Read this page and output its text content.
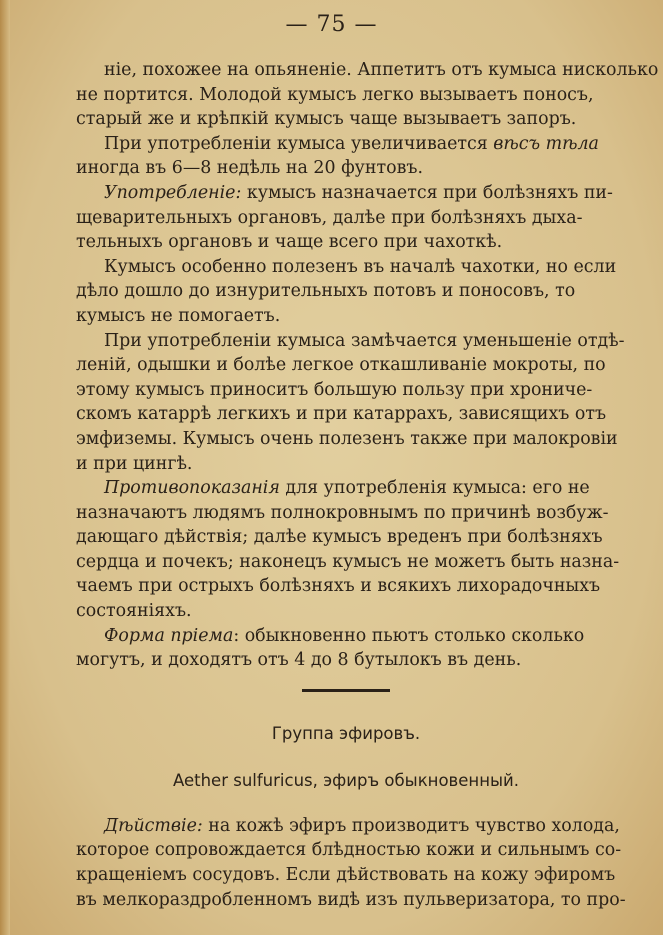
— 75 —
ніе, похожее на опьяненіе. Аппетитъ отъ кумыса нисколько
не портится. Молодой кумысъ легко вызываетъ поносъ,
старый же и крѣпкій кумысъ чаще вызываетъ запоръ.
При употребленіи кумыса увеличивается вѣсъ тѣла
иногда въ 6—8 недѣль на 20 фунтовъ.
Употребленіе: кумысъ назначается при болѣзняхъ пи-
щеварительныхъ органовъ, далѣе при болѣзняхъ дыха-
тельныхъ органовъ и чаще всего при чахоткѣ.
Кумысъ особенно полезенъ въ началѣ чахотки, но если
дѣло дошло до изнурительныхъ потовъ и поносовъ, то
кумысъ не помогаетъ.
При употребленіи кумыса замѣчается уменьшеніе отдѣ-
леній, одышки и болѣе легкое откашливаніе мокроты, по
этому кумысъ приноситъ большую пользу при хрониче-
скомъ катаррѣ легкихъ и при катаррахъ, зависящихъ отъ
эмфиземы. Кумысъ очень полезенъ также при малокровіи
и при цингѣ.
Противопоказанія для употребленія кумыса: его не
назначаютъ людямъ полнокровнымъ по причинѣ возбуж-
дающаго дѣйствія; далѣе кумысъ вреденъ при болѣзняхъ
сердца и почекъ; наконецъ кумысъ не можетъ быть назна-
чаемъ при острыхъ болѣзняхъ и всякихъ лихорадочныхъ
состояніяхъ.
Форма пріема: обыкновенно пьютъ столько сколько
могутъ, и доходятъ отъ 4 до 8 бутылокъ въ день.
Группа эфировъ.
Aether sulfuricus, эфиръ обыкновенный.
Дѣйствіе: на кожѣ эфиръ производитъ чувство холода,
которое сопровождается блѣдностью кожи и сильнымъ со-
кращеніемъ сосудовъ. Если дѣйствовать на кожу эфиромъ
въ мелкораздробленномъ видѣ изъ пульверизатора, то про-
